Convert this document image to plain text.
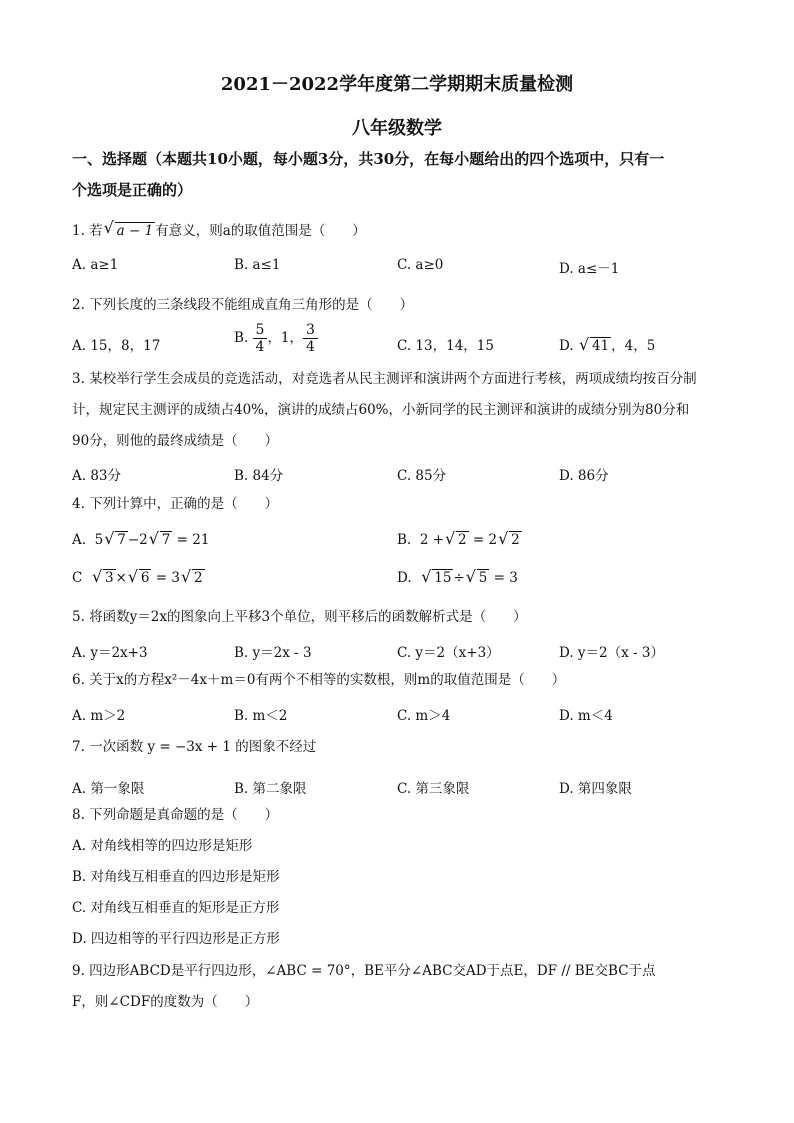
2021－2022学年度第二学期期末质量检测
八年级数学
一、选择题（本题共10小题，每小题3分，共30分，在每小题给出的四个选项中，只有一
个选项是正确的）
1. 若 √ a − 1 有意义，则a的取值范围是（　　）
A. a≥1	B. a≤1	C. a≥0	D. a≤－1
2. 下列长度的三条线段不能组成直角三角形的是（　　）
A. 15，8，17	B. $\frac{5}{4}$ ，1， $\frac{3}{4}$	C. 13，14，15	D. √ 41 ，4，5
3. 某校举行学生会成员的竞选活动，对竞选者从民主测评和演讲两个方面进行考核，两项成绩均按百分制
计，规定民主测评的成绩占40%，演讲的成绩占60%，小新同学的民主测评和演讲的成绩分别为80分和
90分，则他的最终成绩是（　　）
A. 83分	B. 84分	C. 85分	D. 86分
4. 下列计算中，正确的是（　　）
A. 5 √ 7 −2 √ 7 = 21	B. 2 + √ 2 = 2 √ 2
C √ 3 × √ 6 = 3 √ 2	D. √ 15 ÷ √ 5 = 3
5. 将函数y＝2x的图象向上平移3个单位，则平移后的函数解析式是（　　）
A. y＝2x+3	B. y＝2x - 3	C. y＝2（x+3）	D. y＝2（x - 3）
6. 关于x的方程x²－4x＋m＝0有两个不相等的实数根，则m的取值范围是（　　）
A. m＞2	B. m＜2	C. m＞4	D. m＜4
7. 一次函数 y = −3x + 1 的图象不经过
A. 第一象限	B. 第二象限	C. 第三象限	D. 第四象限
8. 下列命题是真命题的是（　　）
A. 对角线相等的四边形是矩形
B. 对角线互相垂直的四边形是矩形
C. 对角线互相垂直的矩形是正方形
D. 四边相等的平行四边形是正方形
9. 四边形ABCD是平行四边形，∠ABC = 70°，BE平分∠ABC交AD于点E，DF // BE交BC于点
F，则∠CDF的度数为（　　）
